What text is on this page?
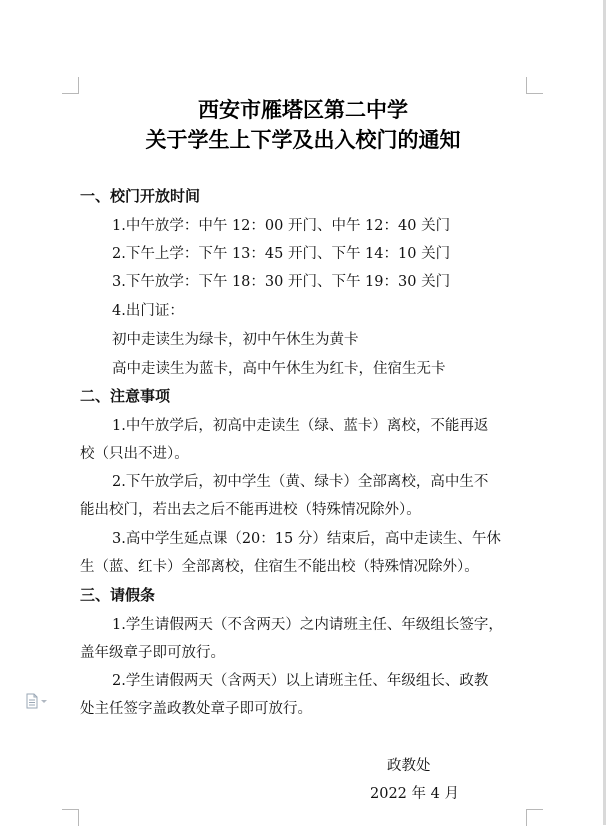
西安市雁塔区第二中学
关于学生上下学及出入校门的通知
一、校门开放时间
1.中午放学：中午 12：00 开门、中午 12：40 关门
2.下午上学：下午 13：45 开门、下午 14：10 关门
3.下午放学：下午 18：30 开门、下午 19：30 关门
4.出门证：
初中走读生为绿卡，初中午休生为黄卡
高中走读生为蓝卡，高中午休生为红卡，住宿生无卡
二、注意事项
1.中午放学后，初高中走读生（绿、蓝卡）离校，不能再返
校（只出不进）。
2.下午放学后，初中学生（黄、绿卡）全部离校，高中生不
能出校门，若出去之后不能再进校（特殊情况除外）。
3.高中学生延点课（20：15 分）结束后，高中走读生、午休
生（蓝、红卡）全部离校，住宿生不能出校（特殊情况除外）。
三、请假条
1.学生请假两天（不含两天）之内请班主任、年级组长签字，
盖年级章子即可放行。
2.学生请假两天（含两天）以上请班主任、年级组长、政教
处主任签字盖政教处章子即可放行。
政教处
2022 年 4 月
